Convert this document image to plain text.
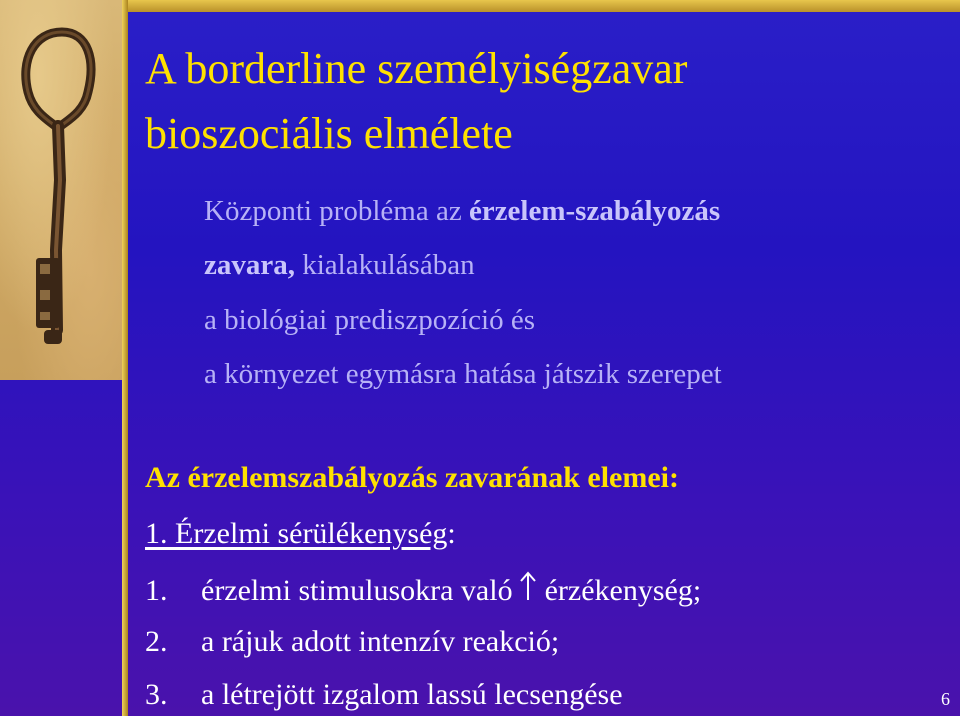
A borderline személyiségzavar
bioszociális elmélete
Központi probléma az érzelem-szabályozás
zavara, kialakulásában
a biológiai prediszpozíció és
a környezet egymásra hatása játszik szerepet
Az érzelemszabályozás zavarának elemei:
1. Érzelmi sérülékenység:
1. érzelmi stimulusokra való érzékenység;
2. a rájuk adott intenzív reakció;
3. a létrejött izgalom lassú lecsengése	6
